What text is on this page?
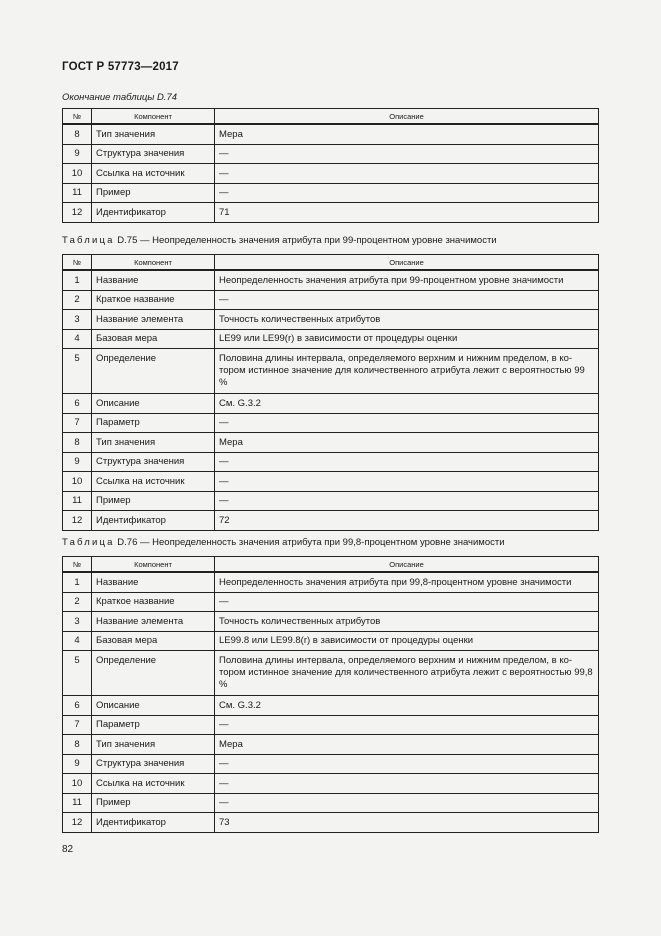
ГОСТ Р 57773—2017
Окончание таблицы D.74
№	Компонент	Описание
8	Тип значения	Мера
9	Структура значения	—
10	Ссылка на источник	—
11	Пример	—
12	Идентификатор	71
Таблица D.75 — Неопределенность значения атрибута при 99-процентном уровне значимости
№	Компонент	Описание
1	Название	Неопределенность значения атрибута при 99-процентном уровне значимости
2	Краткое название	—
3	Название элемента	Точность количественных атрибутов
4	Базовая мера	LE99 или LE99(r) в зависимости от процедуры оценки
5	Определение	Половина длины интервала, определяемого верхним и нижним пределом, в ко-тором истинное значение для количественного атрибута лежит с вероятностью 99 %
6	Описание	См. G.3.2
7	Параметр	—
8	Тип значения	Мера
9	Структура значения	—
10	Ссылка на источник	—
11	Пример	—
12	Идентификатор	72
Таблица D.76 — Неопределенность значения атрибута при 99,8-процентном уровне значимости
№	Компонент	Описание
1	Название	Неопределенность значения атрибута при 99,8-процентном уровне значимости
2	Краткое название	—
3	Название элемента	Точность количественных атрибутов
4	Базовая мера	LE99.8 или LE99.8(r) в зависимости от процедуры оценки
5	Определение	Половина длины интервала, определяемого верхним и нижним пределом, в ко-тором истинное значение для количественного атрибута лежит с вероятностью 99,8 %
6	Описание	См. G.3.2
7	Параметр	—
8	Тип значения	Мера
9	Структура значения	—
10	Ссылка на источник	—
11	Пример	—
12	Идентификатор	73
82
